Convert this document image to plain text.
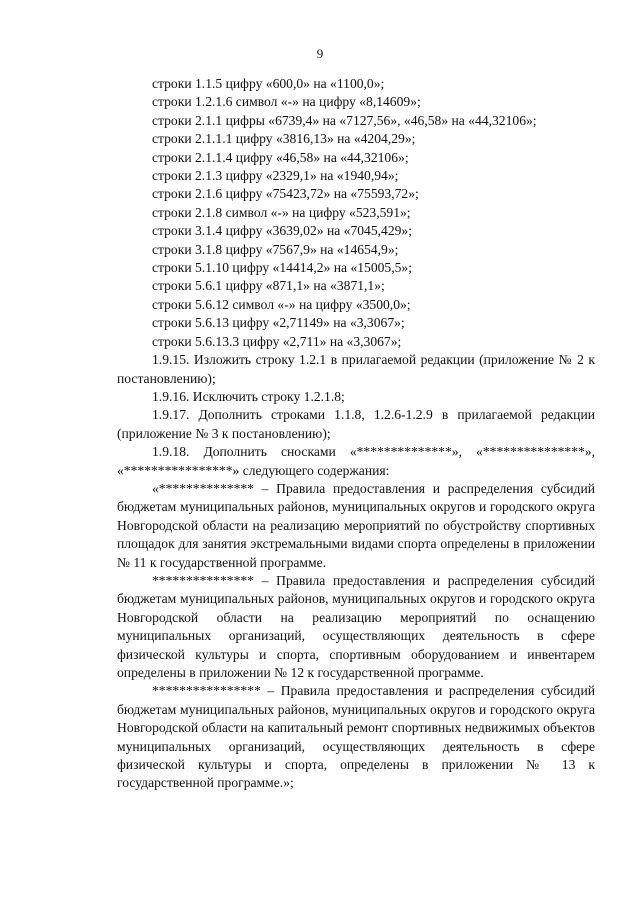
9
строки 1.1.5 цифру «600,0» на «1100,0»;
строки 1.2.1.6 символ «-» на цифру «8,14609»;
строки 2.1.1 цифры «6739,4» на «7127,56», «46,58» на «44,32106»;
строки 2.1.1.1 цифру «3816,13» на «4204,29»;
строки 2.1.1.4 цифру «46,58» на «44,32106»;
строки 2.1.3 цифру «2329,1» на «1940,94»;
строки 2.1.6 цифру «75423,72» на «75593,72»;
строки 2.1.8 символ «-» на цифру «523,591»;
строки 3.1.4 цифру «3639,02» на «7045,429»;
строки 3.1.8 цифру «7567,9» на «14654,9»;
строки 5.1.10 цифру «14414,2» на «15005,5»;
строки 5.6.1 цифру «871,1» на «3871,1»;
строки 5.6.12 символ «-» на цифру «3500,0»;
строки 5.6.13 цифру «2,71149» на «3,3067»;
строки 5.6.13.3 цифру «2,711» на «3,3067»;

1.9.15. Изложить строку 1.2.1 в прилагаемой редакции (приложение № 2 к постановлению);

1.9.16. Исключить строку 1.2.1.8;

1.9.17. Дополнить строками 1.1.8, 1.2.6-1.2.9 в прилагаемой редакции (приложение № 3 к постановлению);

1.9.18. Дополнить сносками «**************», «***************», «****************» следующего содержания:

«************** – Правила предоставления и распределения субсидий бюджетам муниципальных районов, муниципальных округов и городского округа Новгородской области на реализацию мероприятий по обустройству спортивных площадок для занятия экстремальными видами спорта определены в приложении № 11 к государственной программе.

*************** – Правила предоставления и распределения субсидий бюджетам муниципальных районов, муниципальных округов и городского округа Новгородской области на реализацию мероприятий по оснащению муниципальных организаций, осуществляющих деятельность в сфере физической культуры и спорта, спортивным оборудованием и инвентарем определены в приложении № 12 к государственной программе.

**************** – Правила предоставления и распределения субсидий бюджетам муниципальных районов, муниципальных округов и городского округа Новгородской области на капитальный ремонт спортивных недвижимых объектов муниципальных организаций, осуществляющих деятельность в сфере физической культуры и спорта, определены в приложении № 13 к государственной программе.»;
